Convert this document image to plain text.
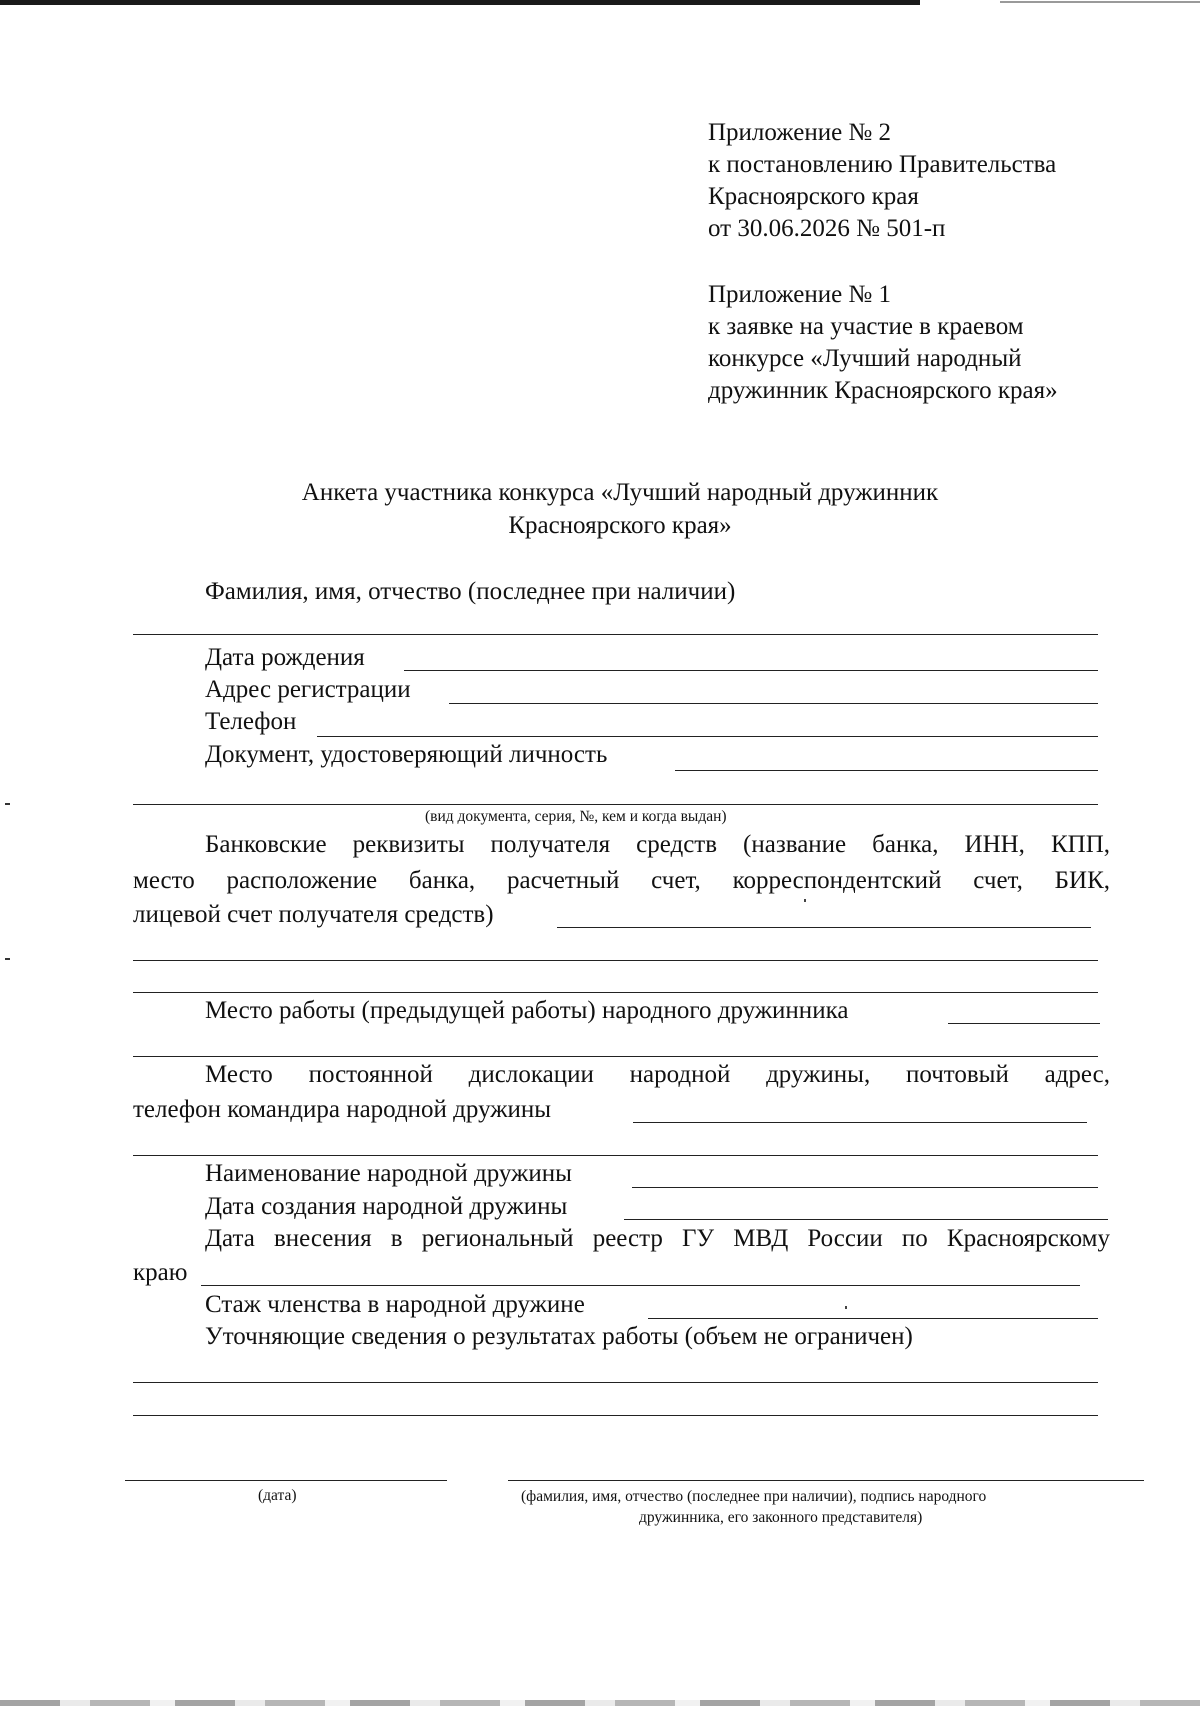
Приложение № 2
к постановлению Правительства
Красноярского края
от 30.06.2026 № 501-п
Приложение № 1
к заявке на участие в краевом
конкурсе «Лучший народный
дружинник Красноярского края»
Анкета участника конкурса «Лучший народный дружинник
Красноярского края»
Фамилия, имя, отчество (последнее при наличии)
Дата рождения
Адрес регистрации
Телефон
Документ, удостоверяющий личность
(вид документа, серия, №, кем и когда выдан)
Банковские реквизиты получателя средств (название банка, ИНН, КПП,
место расположение банка, расчетный счет, корреспондентский счет, БИК,
лицевой счет получателя средств)
Место работы (предыдущей работы) народного дружинника
Место постоянной дислокации народной дружины, почтовый адрес,
телефон командира народной дружины
Наименование народной дружины
Дата создания народной дружины
Дата внесения в региональный реестр ГУ МВД России по Красноярскому
краю
Стаж членства в народной дружине
Уточняющие сведения о результатах работы (объем не ограничен)
(дата)	(фамилия, имя, отчество (последнее при наличии), подпись народного
дружинника, его законного представителя)
